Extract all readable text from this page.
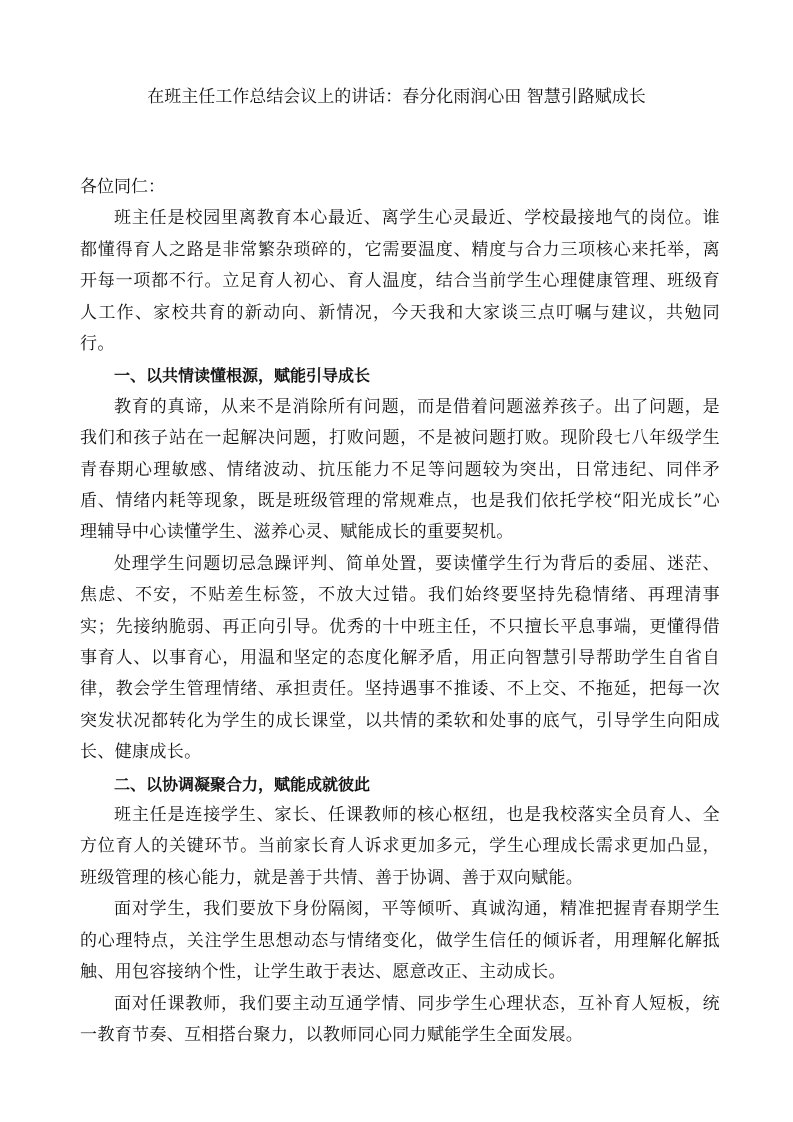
在班主任工作总结会议上的讲话：春分化雨润心田 智慧引路赋成长

各位同仁：

班主任是校园里离教育本心最近、离学生心灵最近、学校最接地气的岗位。谁都懂得育人之路是非常繁杂琐碎的，它需要温度、精度与合力三项核心来托举，离开每一项都不行。立足育人初心、育人温度，结合当前学生心理健康管理、班级育人工作、家校共育的新动向、新情况，今天我和大家谈三点叮嘱与建议，共勉同行。

一、以共情读懂根源，赋能引导成长

教育的真谛，从来不是消除所有问题，而是借着问题滋养孩子。出了问题，是我们和孩子站在一起解决问题，打败问题，不是被问题打败。现阶段七八年级学生青春期心理敏感、情绪波动、抗压能力不足等问题较为突出，日常违纪、同伴矛盾、情绪内耗等现象，既是班级管理的常规难点，也是我们依托学校“阳光成长”心理辅导中心读懂学生、滋养心灵、赋能成长的重要契机。

处理学生问题切忌急躁评判、简单处置，要读懂学生行为背后的委屈、迷茫、焦虑、不安，不贴差生标签，不放大过错。我们始终要坚持先稳情绪、再理清事实；先接纳脆弱、再正向引导。优秀的十中班主任，不只擅长平息事端，更懂得借事育人、以事育心，用温和坚定的态度化解矛盾，用正向智慧引导帮助学生自省自律，教会学生管理情绪、承担责任。坚持遇事不推诿、不上交、不拖延，把每一次突发状况都转化为学生的成长课堂，以共情的柔软和处事的底气，引导学生向阳成长、健康成长。

二、以协调凝聚合力，赋能成就彼此

班主任是连接学生、家长、任课教师的核心枢纽，也是我校落实全员育人、全方位育人的关键环节。当前家长育人诉求更加多元，学生心理成长需求更加凸显，班级管理的核心能力，就是善于共情、善于协调、善于双向赋能。

面对学生，我们要放下身份隔阂，平等倾听、真诚沟通，精准把握青春期学生的心理特点，关注学生思想动态与情绪变化，做学生信任的倾诉者，用理解化解抵触、用包容接纳个性，让学生敢于表达、愿意改正、主动成长。

面对任课教师，我们要主动互通学情、同步学生心理状态，互补育人短板，统一教育节奏、互相搭台聚力，以教师同心同力赋能学生全面发展。
